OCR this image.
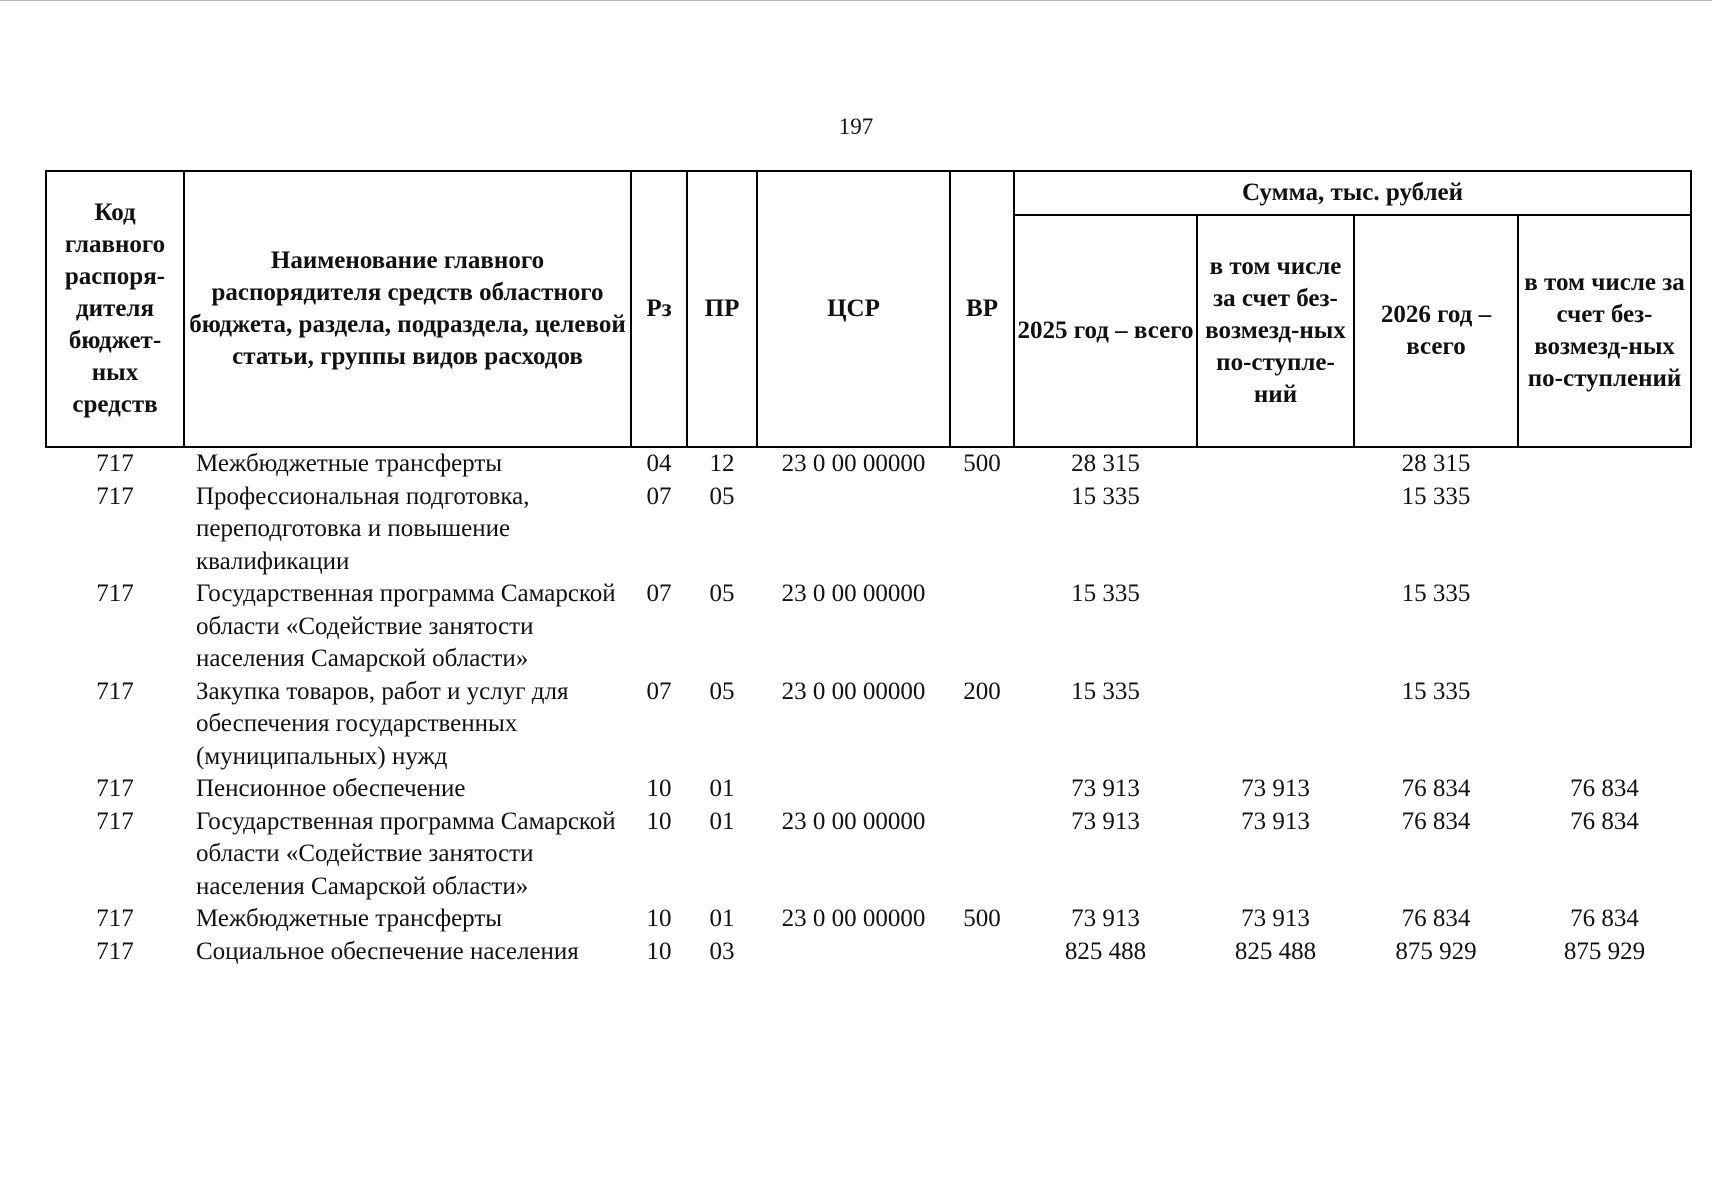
197
Код главного распоря-дителя бюджет-ных средств	Наименование главного распорядителя средств областного бюджета, раздела, подраздела, целевой статьи, группы видов расходов	Рз	ПР	ЦСР	ВР	Сумма, тыс. рублей			
						2025 год – всего	в том числе за счет без-возмезд-ных по-ступле-ний	2026 год – всего	в том числе за счет без-возмезд-ных по-ступлений
717	Межбюджетные трансферты	04	12	23 0 00 00000	500	28 315		28 315	
717	Профессиональная подготовка, переподготовка и повышение квалификации	07	05			15 335		15 335	
717	Государственная программа Самарской области «Содействие занятости населения Самарской области»	07	05	23 0 00 00000		15 335		15 335	
717	Закупка товаров, работ и услуг для обеспечения государственных (муниципальных) нужд	07	05	23 0 00 00000	200	15 335		15 335	
717	Пенсионное обеспечение	10	01			73 913	73 913	76 834	76 834
717	Государственная программа Самарской области «Содействие занятости населения Самарской области»	10	01	23 0 00 00000		73 913	73 913	76 834	76 834
717	Межбюджетные трансферты	10	01	23 0 00 00000	500	73 913	73 913	76 834	76 834
717	Социальное обеспечение населения	10	03			825 488	825 488	875 929	875 929
